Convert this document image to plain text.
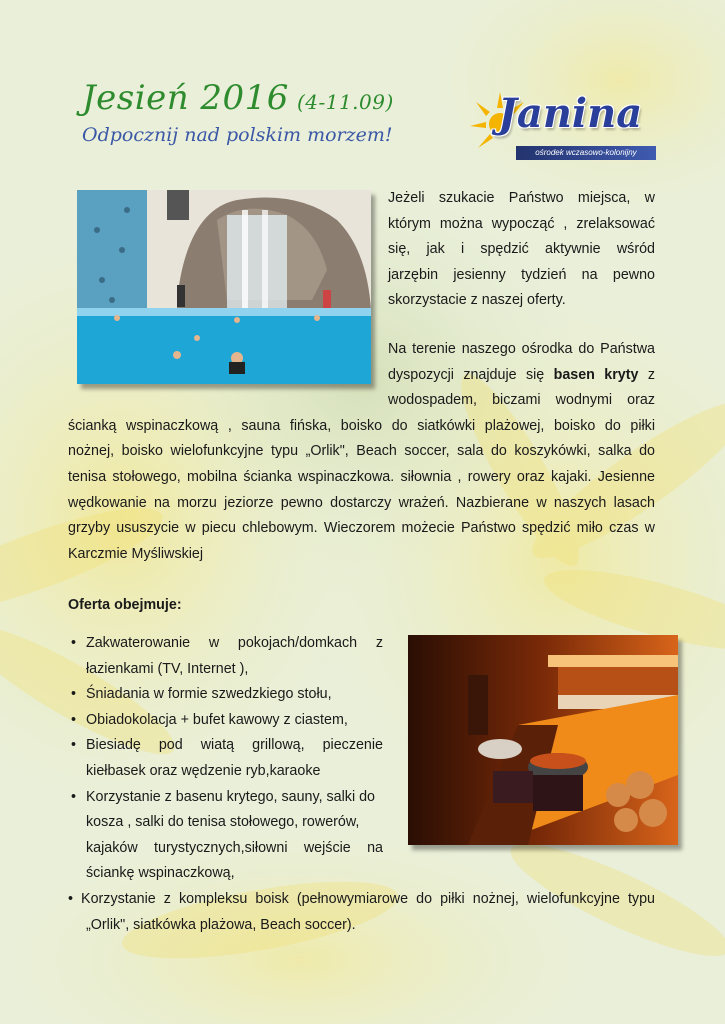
Jesień 2016 (4-11.09)
Odpocznij nad polskim morzem!	Janina
ośrodek wczasowo-kolonijny

Jeżeli szukacie Państwo miejsca, w

którym można wypocząć , zrelaksować

się, jak i spędzić aktywnie wśród

jarzębin jesienny tydzień na pewno

skorzystacie z naszej oferty.

Na terenie naszego ośrodka do Państwa

dyspozycji znajduje się basen kryty z

wodospadem, biczami wodnymi oraz

ścianką wspinaczkową , sauna fińska, boisko do siatkówki plażowej, boisko do piłki

nożnej, boisko wielofunkcyjne typu „Orlik", Beach soccer, sala do koszykówki, salka do

tenisa stołowego, mobilna ścianka wspinaczkowa. siłownia , rowery oraz kajaki. Jesienne

wędkowanie na morzu jeziorze pewno dostarczy wrażeń. Nazbierane w naszych lasach

grzyby ususzycie w piecu chlebowym. Wieczorem możecie Państwo spędzić miło czas w

Karczmie Myśliwskiej

Oferta obejmuje:
• Zakwaterowanie w pokojach/domkach z
łazienkami (TV, Internet ),
• Śniadania w formie szwedzkiego stołu,
• Obiadokolacja + bufet kawowy z ciastem,
• Biesiadę pod wiatą grillową, pieczenie
kiełbasek oraz wędzenie ryb,karaoke
• Korzystanie z basenu krytego, sauny, salki do
kosza , salki do tenisa stołowego, rowerów,
kajaków turystycznych,siłowni wejście na
ściankę wspinaczkową,
• Korzystanie z kompleksu boisk (pełnowymiarowe do piłki nożnej, wielofunkcyjne typu
„Orlik", siatkówka plażowa, Beach soccer).
